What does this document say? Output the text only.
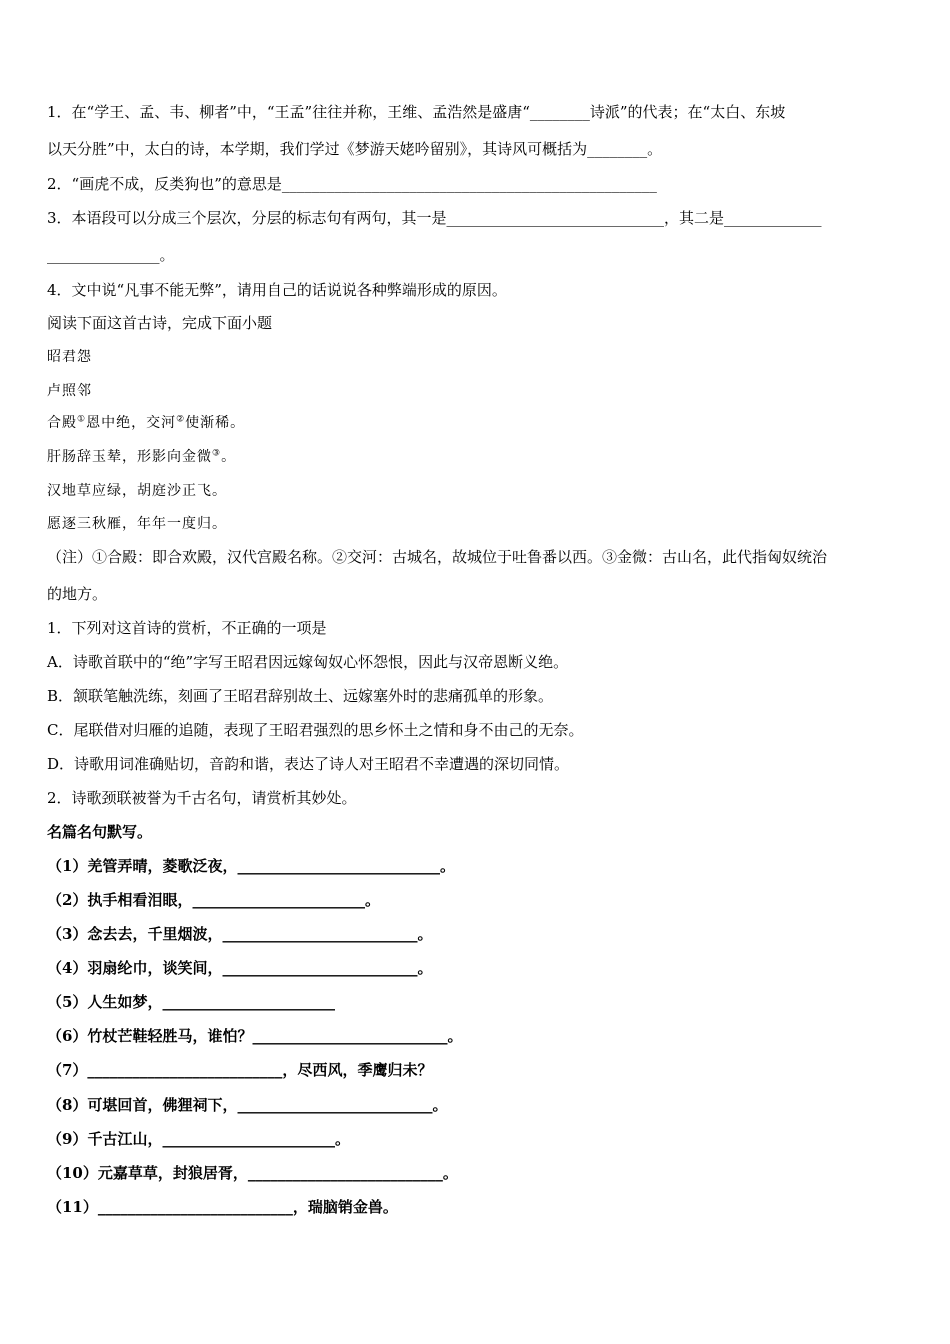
1．在“学王、孟、韦、柳者”中，“王孟”往往并称，王维、孟浩然是盛唐“________诗派”的代表；在“太白、东坡
以天分胜”中，太白的诗，本学期，我们学过《梦游天姥吟留别》，其诗风可概括为________。
2．“画虎不成，反类狗也”的意思是__________________________________________________
3．本语段可以分成三个层次，分层的标志句有两句，其一是_____________________________，其二是_____________
_______________。
4．文中说“凡事不能无弊”，请用自己的话说说各种弊端形成的原因。
阅读下面这首古诗，完成下面小题
昭君怨
卢照邻
合殿①恩中绝，交河②使渐稀。
肝肠辞玉辇，形影向金微③。
汉地草应绿，胡庭沙正飞。
愿逐三秋雁，年年一度归。
（注）①合殿：即合欢殿，汉代宫殿名称。②交河：古城名，故城位于吐鲁番以西。③金微：古山名，此代指匈奴统治
的地方。
1．下列对这首诗的赏析，不正确的一项是
A．诗歌首联中的“绝”字写王昭君因远嫁匈奴心怀怨恨，因此与汉帝恩断义绝。
B．颔联笔触洗练，刻画了王昭君辞别故土、远嫁塞外时的悲痛孤单的形象。
C．尾联借对归雁的追随，表现了王昭君强烈的思乡怀土之情和身不由己的无奈。
D．诗歌用词准确贴切，音韵和谐，表达了诗人对王昭君不幸遭遇的深切同情。
2．诗歌颈联被誉为千古名句，请赏析其妙处。
名篇名句默写。
（1）羌管弄晴，菱歌泛夜，___________________________。
（2）执手相看泪眼，_______________________。
（3）念去去，千里烟波，__________________________。
（4）羽扇纶巾，谈笑间，__________________________。
（5）人生如梦，_______________________
（6）竹杖芒鞋轻胜马，谁怕？__________________________。
（7）__________________________，尽西风，季鹰归未？
（8）可堪回首，佛狸祠下，__________________________。
（9）千古江山，_______________________。
（10）元嘉草草，封狼居胥，__________________________。
（11）__________________________，瑞脑销金兽。
